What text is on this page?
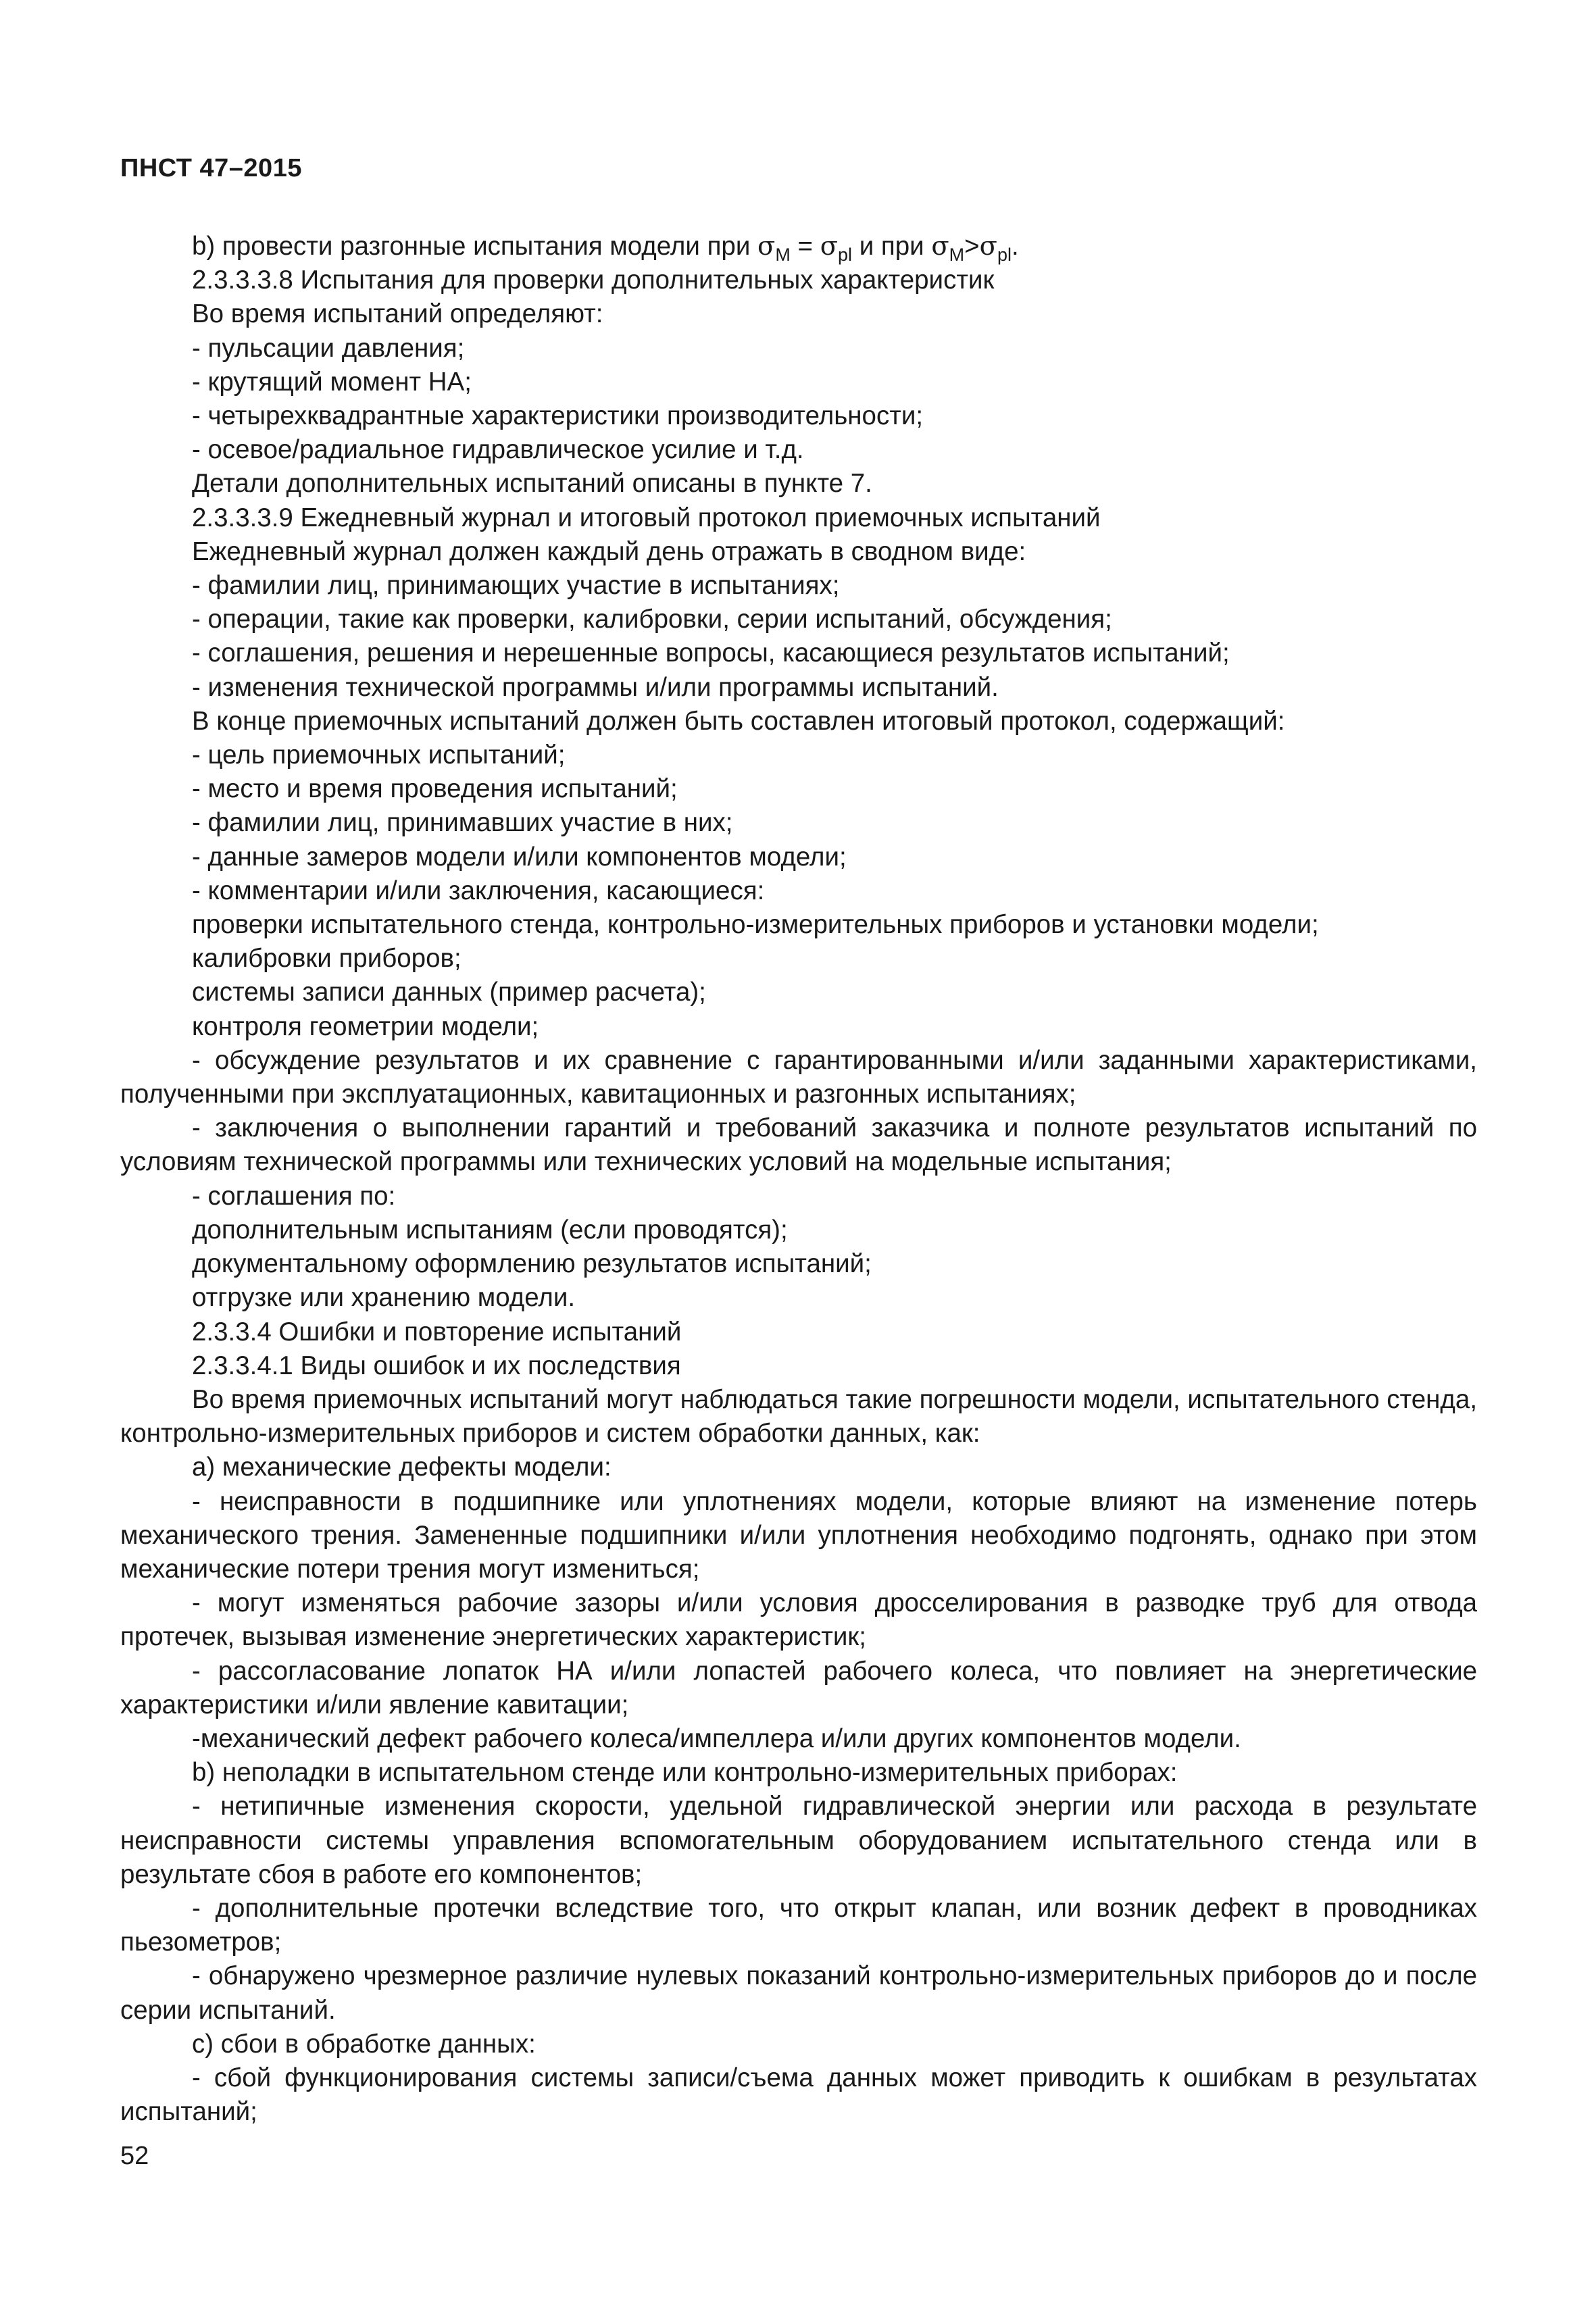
ПНСТ 47–2015

b) провести разгонные испытания модели при $\sigma_M = \sigma_{pl}$ и при $\sigma_M>\sigma_{pl}$.

2.3.3.3.8 Испытания для проверки дополнительных характеристик

Во время испытаний определяют:

- пульсации давления;

- крутящий момент НА;

- четырехквадрантные характеристики производительности;

- осевое/радиальное гидравлическое усилие и т.д.

Детали дополнительных испытаний описаны в пункте 7.

2.3.3.3.9 Ежедневный журнал и итоговый протокол приемочных испытаний

Ежедневный журнал должен каждый день отражать в сводном виде:

- фамилии лиц, принимающих участие в испытаниях;

- операции, такие как проверки, калибровки, серии испытаний, обсуждения;

- соглашения, решения и нерешенные вопросы, касающиеся результатов испытаний;

- изменения технической программы и/или программы испытаний.

В конце приемочных испытаний должен быть составлен итоговый протокол, содержащий:

- цель приемочных испытаний;

- место и время проведения испытаний;

- фамилии лиц, принимавших участие в них;

- данные замеров модели и/или компонентов модели;

- комментарии и/или заключения, касающиеся:

проверки испытательного стенда, контрольно-измерительных приборов и установки модели;

калибровки приборов;

системы записи данных (пример расчета);

контроля геометрии модели;

- обсуждение результатов и их сравнение с гарантированными и/или заданными характеристиками, полученными при эксплуатационных, кавитационных и разгонных испытаниях;

- заключения о выполнении гарантий и требований заказчика и полноте результатов испытаний по условиям технической программы или технических условий на модельные испытания;

- соглашения по:

дополнительным испытаниям (если проводятся);

документальному оформлению результатов испытаний;

отгрузке или хранению модели.

2.3.3.4 Ошибки и повторение испытаний

2.3.3.4.1 Виды ошибок и их последствия

Во время приемочных испытаний могут наблюдаться такие погрешности модели, испытательного стенда, контрольно-измерительных приборов и систем обработки данных, как:

а) механические дефекты модели:

- неисправности в подшипнике или уплотнениях модели, которые влияют на изменение потерь механического трения. Замененные подшипники и/или уплотнения необходимо подгонять, однако при этом механические потери трения могут измениться;

- могут изменяться рабочие зазоры и/или условия дросселирования в разводке труб для отвода протечек, вызывая изменение энергетических характеристик;

- рассогласование лопаток НА и/или лопастей рабочего колеса, что повлияет на энергетические характеристики и/или явление кавитации;

-механический дефект рабочего колеса/импеллера и/или других компонентов модели.

b) неполадки в испытательном стенде или контрольно-измерительных приборах:

- нетипичные изменения скорости, удельной гидравлической энергии или расхода в результате неисправности системы управления вспомогательным оборудованием испытательного стенда или в результате сбоя в работе его компонентов;

- дополнительные протечки вследствие того, что открыт клапан, или возник дефект в проводниках пьезометров;

- обнаружено чрезмерное различие нулевых показаний контрольно-измерительных приборов до и после серии испытаний.

с) сбои в обработке данных:

- сбой функционирования системы записи/съема данных может приводить к ошибкам в результатах испытаний;

52
